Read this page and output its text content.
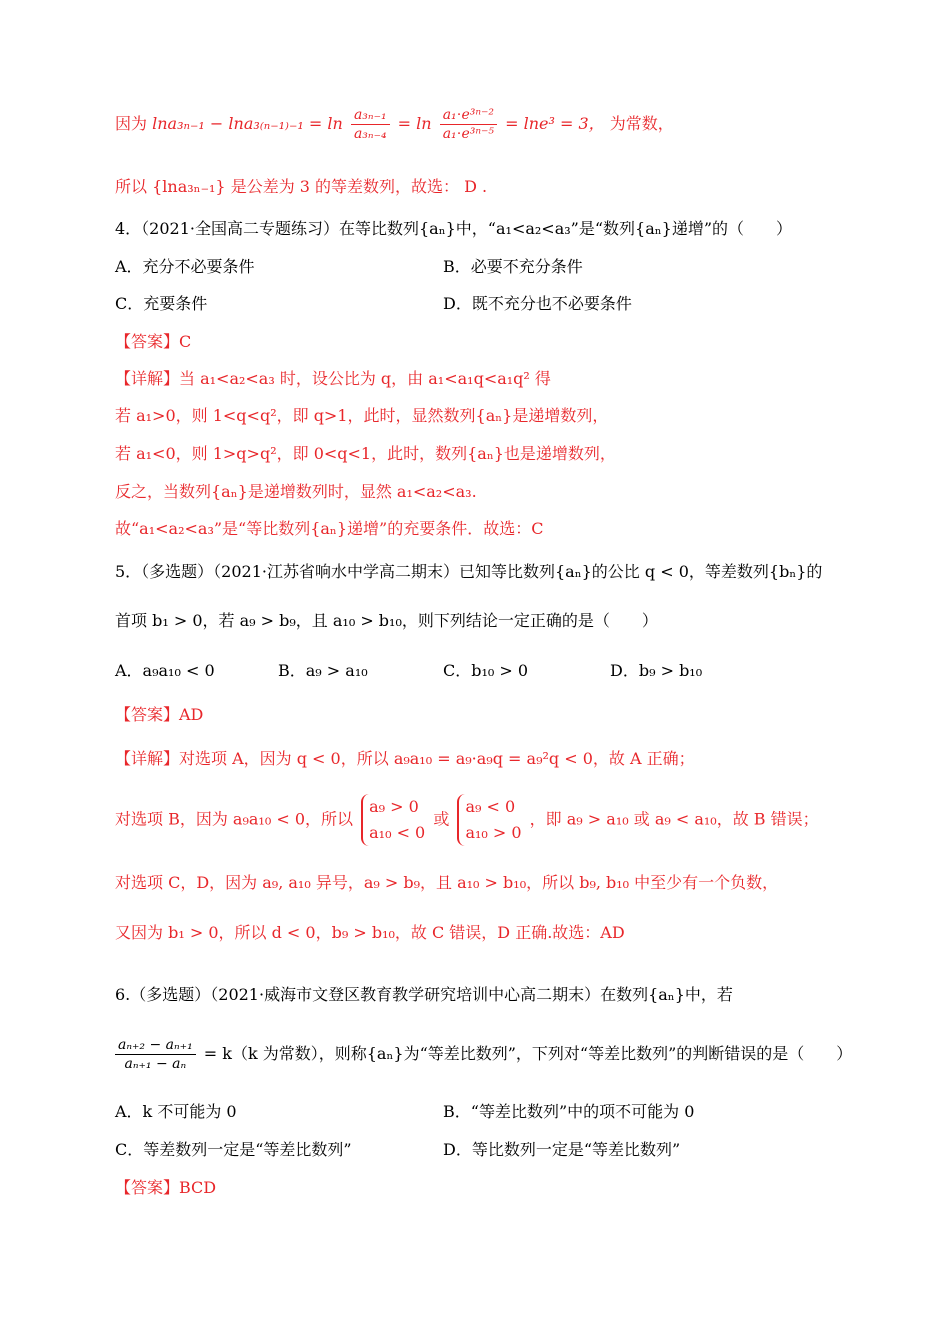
因为 $\ln a_{3n-1} - \ln a_{3(n-1)-1} = \ln \frac{\text{a₃ₙ₋₁}}{\text{a₃ₙ₋₄}} = \ln \frac{\text{a₁⋅e³ⁿ⁻²}}{\text{a₁⋅e³ⁿ⁻⁵}} = \ln e^3 = 3$， 为常数，
所以 {lna₃ₙ₋₁} 是公差为 3 的等差数列，故选： D .
4．（2021·全国高二专题练习）在等比数列{aₙ}中，“a₁<a₂<a₃”是“数列{aₙ}递增”的（　　）
A．充分不必要条件	B．必要不充分条件
C．充要条件	D．既不充分也不必要条件
【答案】C
【详解】当 a₁<a₂<a₃ 时，设公比为 q，由 a₁<a₁q<a₁q² 得
若 a₁>0，则 1<q<q²，即 q>1，此时，显然数列{aₙ}是递增数列，
若 a₁<0，则 1>q>q²，即 0<q<1，此时，数列{aₙ}也是递增数列，
反之，当数列{aₙ}是递增数列时，显然 a₁<a₂<a₃.
故“a₁<a₂<a₃”是“等比数列{aₙ}递增”的充要条件．故选：C
5．（多选题）（2021·江苏省响水中学高二期末）已知等比数列{aₙ}的公比 q < 0，等差数列{bₙ}的
首项 b₁ > 0，若 a₉ > b₉，且 a₁₀ > b₁₀，则下列结论一定正确的是（　　）
A．a₉a₁₀ < 0	B．a₉ > a₁₀	C．b₁₀ > 0	D．b₉ > b₁₀
【答案】AD
【详解】对选项 A，因为 q < 0，所以 a₉a₁₀ = a₉·a₉q = a₉²q < 0，故 A 正确；
对选项 B，因为 a₉a₁₀ < 0，所以
a₉ > 0
a₁₀ < 0
或
a₉ < 0
a₁₀ > 0
，即 a₉ > a₁₀ 或 a₉ < a₁₀，故 B 错误；
对选项 C，D，因为 a₉, a₁₀ 异号，a₉ > b₉，且 a₁₀ > b₁₀，所以 b₉, b₁₀ 中至少有一个负数，
又因为 b₁ > 0，所以 d < 0，b₉ > b₁₀，故 C 错误，D 正确.故选：AD
6.（多选题）（2021·威海市文登区教育教学研究培训中心高二期末）在数列{aₙ}中，若
$\frac{\text{aₙ₊₂ − aₙ₊₁}}{\text{aₙ₊₁ − aₙ}} = k(k$ 为常数），则称{aₙ}为“等差比数列”，下列对“等差比数列”的判断错误的是（　　）
A．k 不可能为 0	B．“等差比数列”中的项不可能为 0
C．等差数列一定是“等差比数列”	D．等比数列一定是“等差比数列”
【答案】BCD
